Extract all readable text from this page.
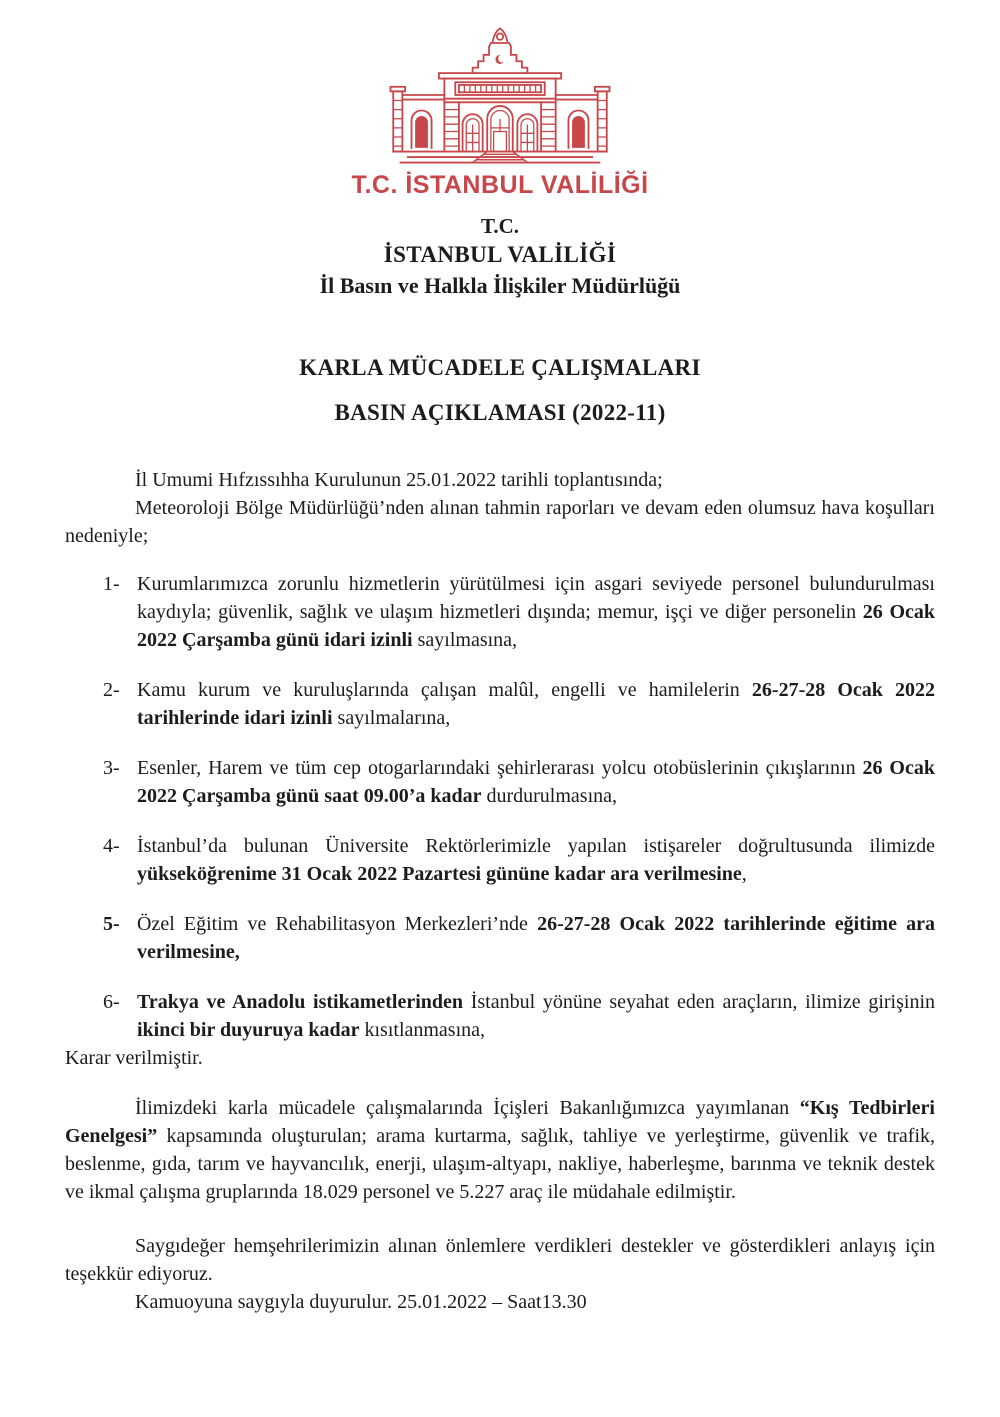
T.C. İSTANBUL VALİLİĞİ
T.C.
İSTANBUL VALİLİĞİ
İl Basın ve Halkla İlişkiler Müdürlüğü
KARLA MÜCADELE ÇALIŞMALARI
BASIN AÇIKLAMASI (2022-11)

İl Umumi Hıfzıssıhha Kurulunun 25.01.2022 tarihli toplantısında;

Meteoroloji Bölge Müdürlüğü’nden alınan tahmin raporları ve devam eden olumsuz hava koşulları nedeniyle;

1- Kurumlarımızca zorunlu hizmetlerin yürütülmesi için asgari seviyede personel bulundurulması kaydıyla; güvenlik, sağlık ve ulaşım hizmetleri dışında; memur, işçi ve diğer personelin 26 Ocak 2022 Çarşamba günü idari izinli sayılmasına,
2- Kamu kurum ve kuruluşlarında çalışan malûl, engelli ve hamilelerin 26-27-28 Ocak 2022 tarihlerinde idari izinli sayılmalarına,
3- Esenler, Harem ve tüm cep otogarlarındaki şehirlerarası yolcu otobüslerinin çıkışlarının 26 Ocak 2022 Çarşamba günü saat 09.00’a kadar durdurulmasına,
4- İstanbul’da bulunan Üniversite Rektörlerimizle yapılan istişareler doğrultusunda ilimizde yükseköğrenime 31 Ocak 2022 Pazartesi gününe kadar ara verilmesine,
5- Özel Eğitim ve Rehabilitasyon Merkezleri’nde 26-27-28 Ocak 2022 tarihlerinde eğitime ara verilmesine,
6- Trakya ve Anadolu istikametlerinden İstanbul yönüne seyahat eden araçların, ilimize girişinin ikinci bir duyuruya kadar kısıtlanmasına,

Karar verilmiştir.

İlimizdeki karla mücadele çalışmalarında İçişleri Bakanlığımızca yayımlanan “Kış Tedbirleri Genelgesi” kapsamında oluşturulan; arama kurtarma, sağlık, tahliye ve yerleştirme, güvenlik ve trafik, beslenme, gıda, tarım ve hayvancılık, enerji, ulaşım-altyapı, nakliye, haberleşme, barınma ve teknik destek ve ikmal çalışma gruplarında 18.029 personel ve 5.227 araç ile müdahale edilmiştir.

Saygıdeğer hemşehrilerimizin alınan önlemlere verdikleri destekler ve gösterdikleri anlayış için teşekkür ediyoruz.

Kamuoyuna saygıyla duyurulur. 25.01.2022 – Saat13.30
